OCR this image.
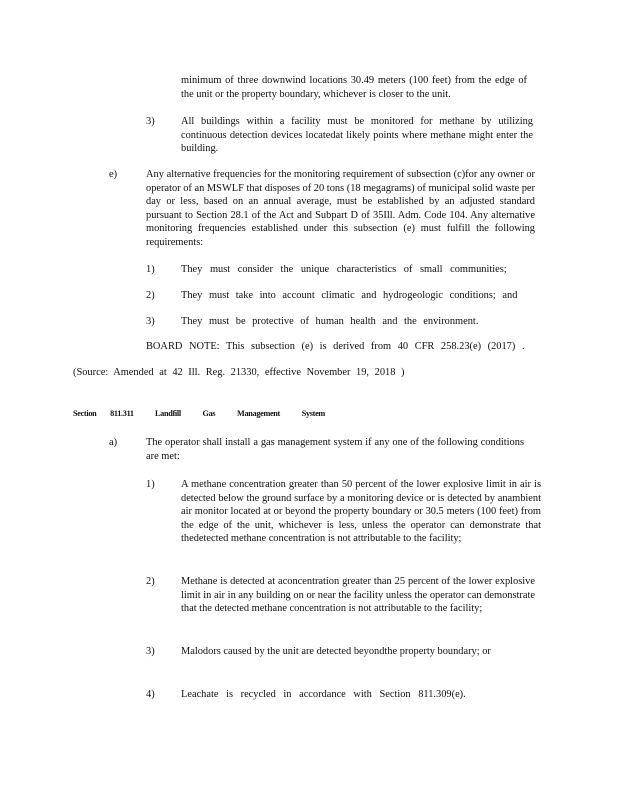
minimum of three downwind locations 30.49 meters (100 feet) from the edge of the unit or the property boundary, whichever is closer to the unit.
3)	All buildings within a facility must be monitored for methane by utilizing continuous detection devices locatedat likely points where methane might enter the building.
e)	Any alternative frequencies for the monitoring requirement of subsection (c)for any owner or operator of an MSWLF that disposes of 20 tons (18 megagrams) of municipal solid waste per day or less, based on an annual average, must be established by an adjusted standard pursuant to Section 28.1 of the Act and Subpart D of 35Ill. Adm. Code 104. Any alternative monitoring frequencies established under this subsection (e) must fulfill the following requirements:
1)	They must consider the unique characteristics of small communities;
2)	They must take into account climatic and hydrogeologic conditions; and
3)	They must be protective of human health and the environment.
BOARD NOTE: This subsection (e) is derived from 40 CFR 258.23(e) (2017) .
(Source: Amended at 42 Ill. Reg. 21330, effective November 19, 2018 )
Section 811.311	Landfill Gas Management System
a)	The operator shall install a gas management system if any one of the following conditions are met:
1)	A methane concentration greater than 50 percent of the lower explosive limit in air is detected below the ground surface by a monitoring device or is detected by anambient air monitor located at or beyond the property boundary or 30.5 meters (100 feet) from the edge of the unit, whichever is less, unless the operator can demonstrate that thedetected methane concentration is not attributable to the facility;
2)	Methane is detected at aconcentration greater than 25 percent of the lower explosive limit in air in any building on or near the facility unless the operator can demonstrate that the detected methane concentration is not attributable to the facility;
3)	Malodors caused by the unit are detected beyondthe property boundary; or
4)	Leachate is recycled in accordance with Section 811.309(e).
